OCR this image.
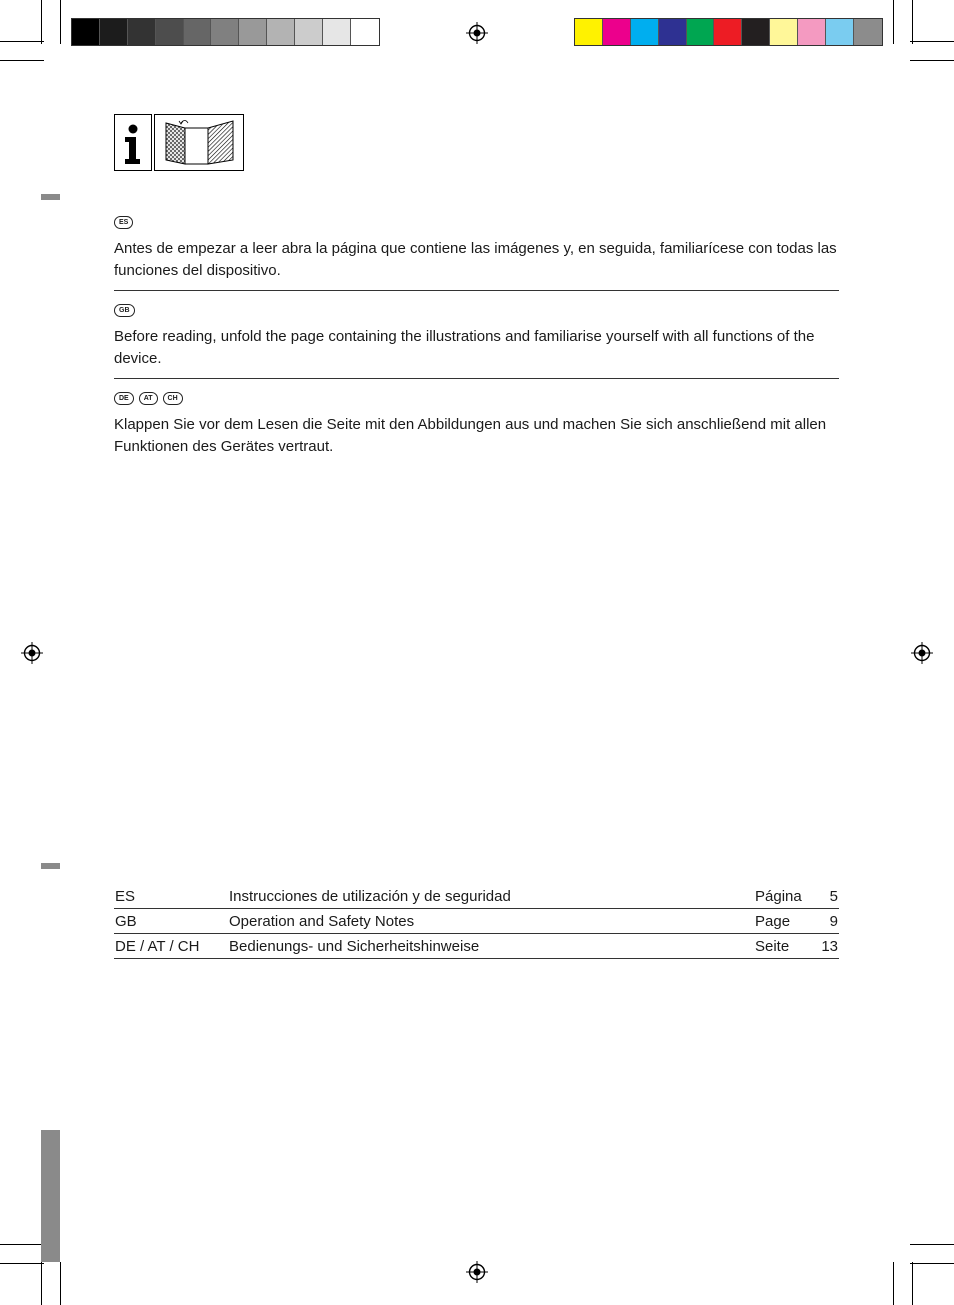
ES

Antes de empezar a leer abra la página que contiene las imágenes y, en seguida, familiarícese con todas las funciones del dispositivo.

GB

Before reading, unfold the page containing the illustrations and familiarise yourself with all functions of the device.

DE	AT	CH

Klappen Sie vor dem Lesen die Seite mit den Abbildungen aus und machen Sie sich anschließend mit allen Funktionen des Gerätes vertraut.

ES	Instrucciones de utilización y de seguridad	Página	5
GB	Operation and Safety Notes	Page	9
DE / AT / CH	Bedienungs- und Sicherheitshinweise	Seite	13
